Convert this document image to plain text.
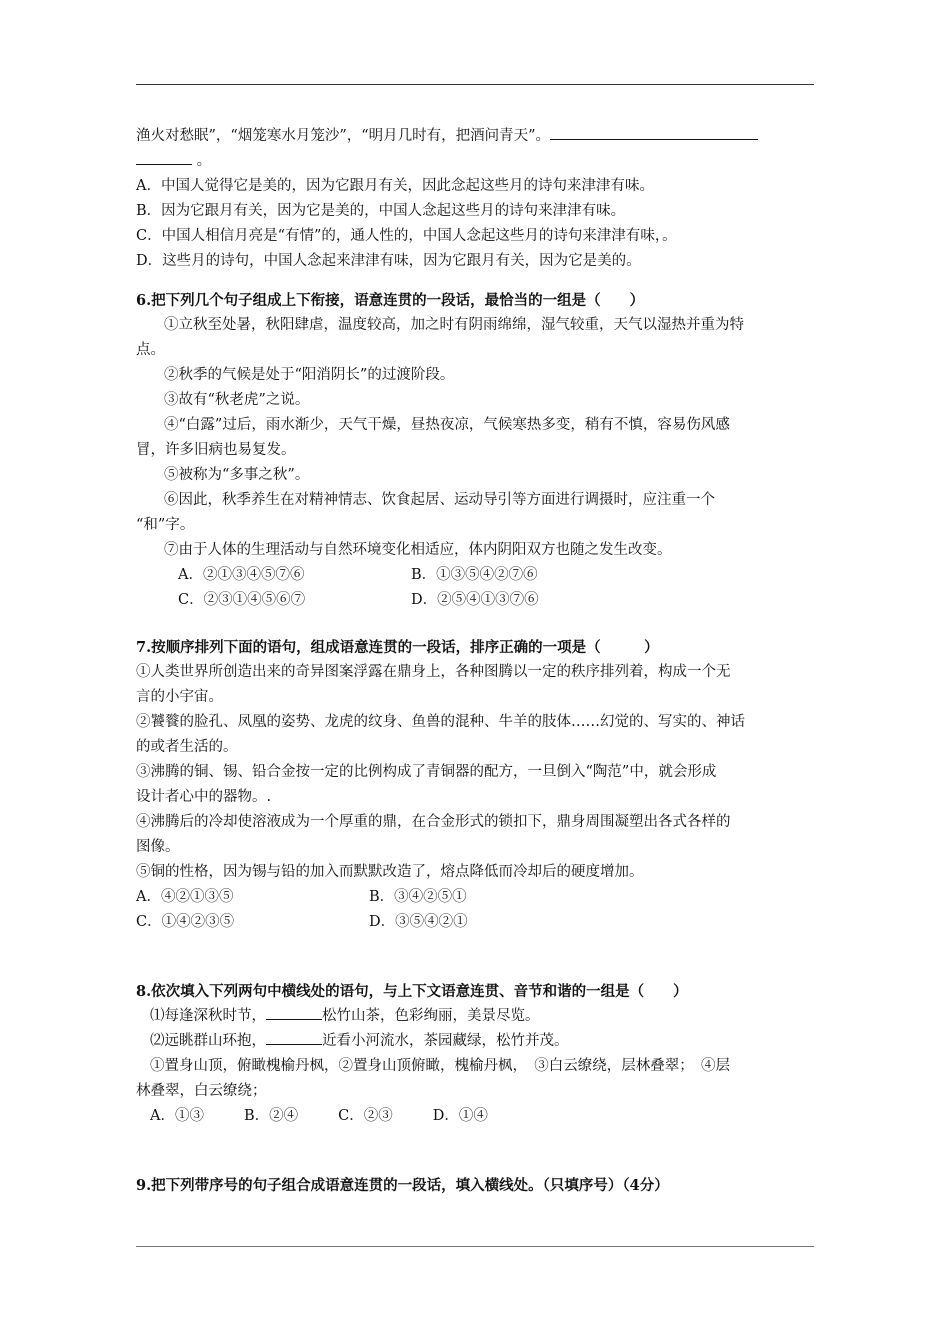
渔火对愁眠”，“烟笼寒水月笼沙”，“明月几时有，把酒问青天”。
。
A．中国人觉得它是美的，因为它跟月有关，因此念起这些月的诗句来津津有味。
B．因为它跟月有关，因为它是美的，中国人念起这些月的诗句来津津有味。
C．中国人相信月亮是“有情”的，通人性的，中国人念起这些月的诗句来津津有味，。
D．这些月的诗句，中国人念起来津津有味，因为它跟月有关，因为它是美的。
6.把下列几个句子组成上下衔接，语意连贯的一段话，最恰当的一组是（　　）
①立秋至处暑，秋阳肆虐，温度较高，加之时有阴雨绵绵，湿气较重，天气以湿热并重为特
点。
②秋季的气候是处于“阳消阴长”的过渡阶段。
③故有“秋老虎”之说。
④“白露”过后，雨水渐少，天气干燥，昼热夜凉，气候寒热多变，稍有不慎，容易伤风感
冒，许多旧病也易复发。
⑤被称为“多事之秋”。
⑥因此，秋季养生在对精神情志、饮食起居、运动导引等方面进行调摄时，应注重一个
“和”字。
⑦由于人体的生理活动与自然环境变化相适应，体内阴阳双方也随之发生改变。
A．②①③④⑤⑦⑥	B．①③⑤④②⑦⑥
C．②③①④⑤⑥⑦	D．②⑤④①③⑦⑥
7.按顺序排列下面的语句，组成语意连贯的一段话，排序正确的一项是（　　　）
①人类世界所创造出来的奇异图案浮露在鼎身上，各种图腾以一定的秩序排列着，构成一个无
言的小宇宙。
②饕餮的脸孔、凤凰的姿势、龙虎的纹身、鱼兽的混种、牛羊的肢体……幻觉的、写实的、神话
的或者生活的。
③沸腾的铜、锡、铅合金按一定的比例构成了青铜器的配方，一旦倒入“陶范”中，就会形成
设计者心中的器物。.
④沸腾后的冷却使溶液成为一个厚重的鼎，在合金形式的锁扣下，鼎身周围凝塑出各式各样的
图像。
⑤铜的性格，因为锡与铅的加入而默默改造了，熔点降低而冷却后的硬度增加。
A．④②①③⑤	B．③④②⑤①
C．①④②③⑤	D．③⑤④②①
8.依次填入下列两句中横线处的语句，与上下文语意连贯、音节和谐的一组是（　　）
⑴每逢深秋时节，	松竹山茶，色彩绚丽，美景尽览。
⑵远眺群山环抱，	近看小河流水，茶园藏绿，松竹并茂。
①置身山顶，俯瞰槐榆丹枫，②置身山顶俯瞰，槐榆丹枫，　③白云缭绕，层林叠翠；　④层
林叠翠，白云缭绕；
A．①③	B．②④	C．②③	D．①④
9.把下列带序号的句子组合成语意连贯的一段话，填入横线处。（只填序号）（4分）
